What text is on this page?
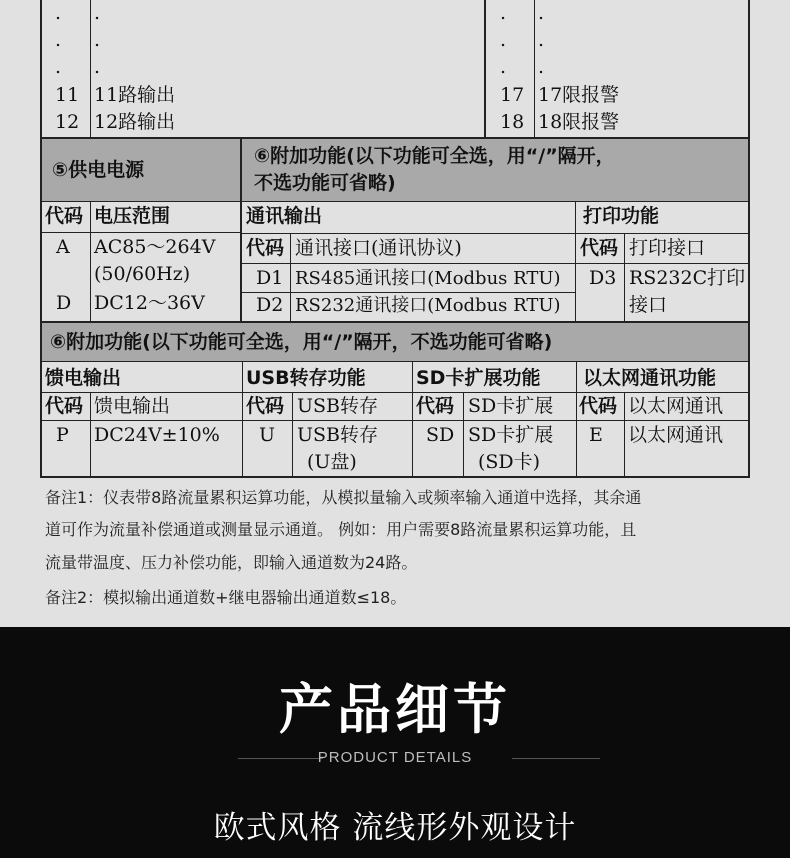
.
.
.
.
.
.
11 11路输出
12 12路输出
.
.
.
.
.
.
17 17限报警
18 18限报警
⑤供电电源
⑥附加功能(以下功能可全选，用“/”隔开，
不选功能可省略)
代码 电压范围
A AC85～264V
(50/60Hz)
D DC12～36V
通讯输出
代码 通讯接口(通讯协议)
D1 RS485通讯接口(Modbus RTU)
D2 RS232通讯接口(Modbus RTU)
打印功能
代码 打印接口
D3 RS232C打印
接口
⑥附加功能(以下功能可全选，用“/”隔开，不选功能可省略)
馈电输出
代码 馈电输出
P DC24V±10%
USB转存功能
代码 USB转存
U USB转存
(U盘)
SD卡扩展功能
代码 SD卡扩展
SD SD卡扩展
(SD卡)
以太网通讯功能
代码 以太网通讯
E 以太网通讯
备注1：仪表带8路流量累积运算功能，从模拟量输入或频率输入通道中选择，其余通
道可作为流量补偿通道或测量显示通道。 例如：用户需要8路流量累积运算功能，且
流量带温度、压力补偿功能，即输入通道数为24路。
备注2：模拟输出通道数+继电器输出通道数≤18。
产品细节
PRODUCT DETAILS
欧式风格 流线形外观设计
